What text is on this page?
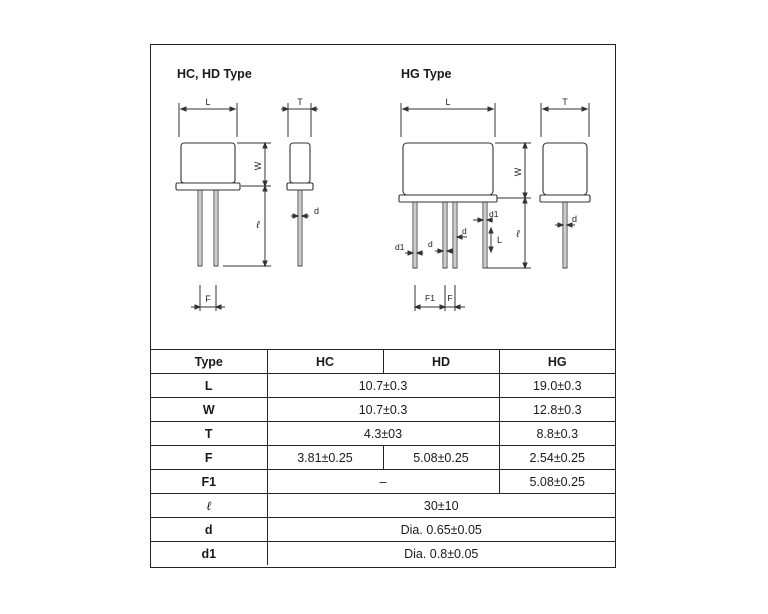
HC, HD Type	HG Type
L
F
W
ℓ
T
d
L
d1	d
d
d1
L
W
ℓ
F1 F
T
d
Type	HC	HD	HG
L	10.7±0.3		19.0±0.3
W	10.7±0.3		12.8±0.3
T	4.3±03		8.8±0.3
F	3.81±0.25	5.08±0.25	2.54±0.25
F1	–		5.08±0.25
ℓ	30±10		
d	Dia. 0.65±0.05		
d1	Dia. 0.8±0.05		
